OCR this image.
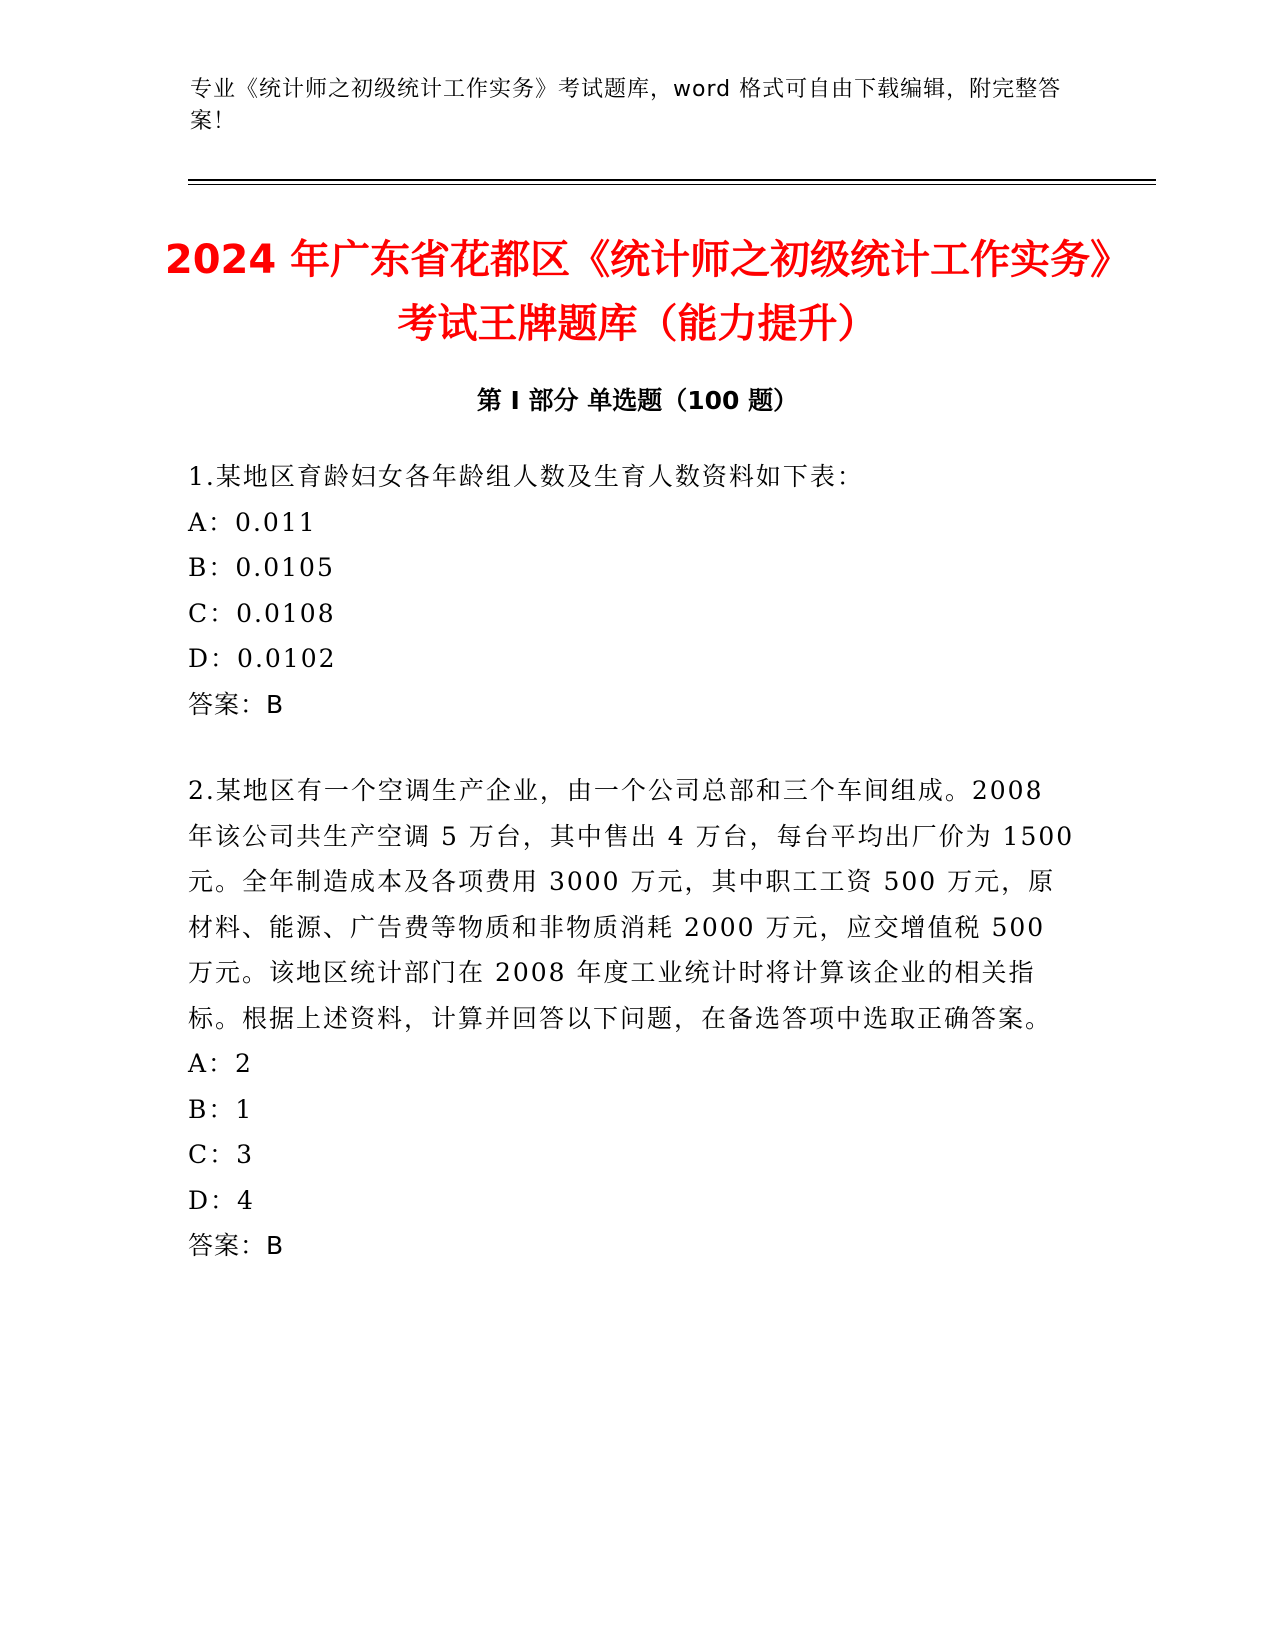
专业《统计师之初级统计工作实务》考试题库，word 格式可自由下载编辑，附完整答案！
2024 年广东省花都区《统计师之初级统计工作实务》考试王牌题库（能力提升）
第 I 部分 单选题（100 题）
1.某地区育龄妇女各年龄组人数及生育人数资料如下表：
A：0.011
B：0.0105
C：0.0108
D：0.0102
答案：B
2.某地区有一个空调生产企业，由一个公司总部和三个车间组成。2008 年该公司共生产空调 5 万台，其中售出 4 万台，每台平均出厂价为 1500 元。全年制造成本及各项费用 3000 万元，其中职工工资 500 万元，原材料、能源、广告费等物质和非物质消耗 2000 万元，应交增值税 500 万元。该地区统计部门在 2008 年度工业统计时将计算该企业的相关指标。根据上述资料，计算并回答以下问题，在备选答项中选取正确答案。
A：2
B：1
C：3
D：4
答案：B
